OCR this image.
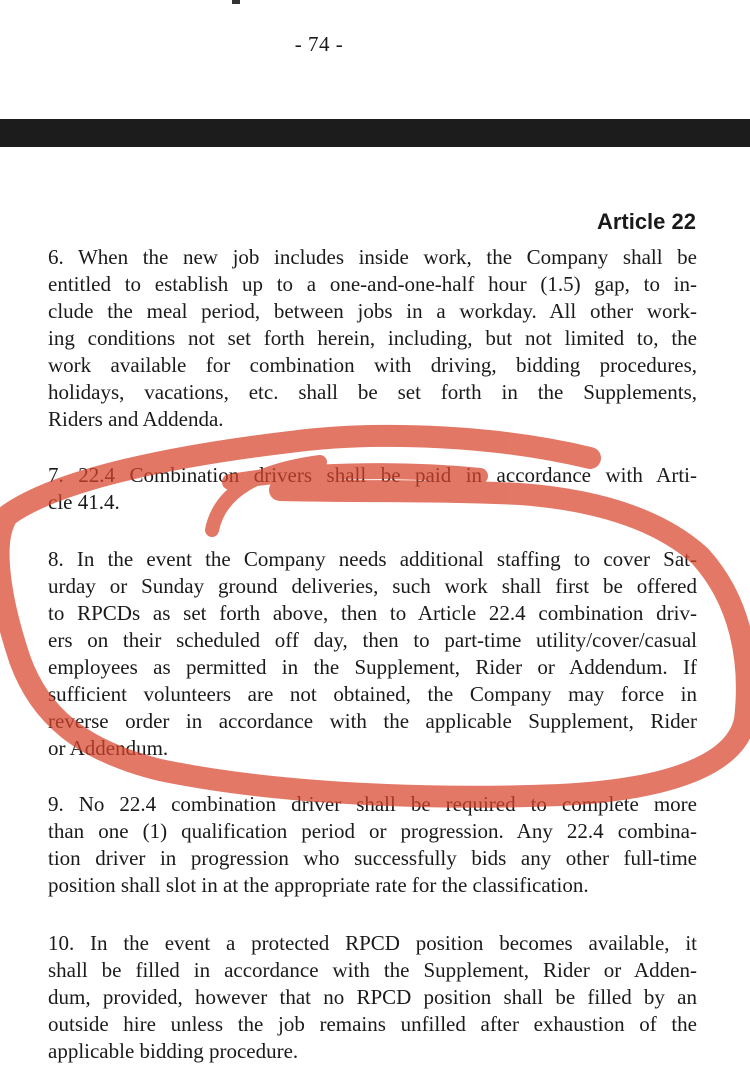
- 74 -
Article 22

6. When the new job includes inside work, the Company shall be
entitled to establish up to a one-and-one-half hour (1.5) gap, to in-
clude the meal period, between jobs in a workday. All other work-
ing conditions not set forth herein, including, but not limited to, the
work available for combination with driving, bidding procedures,
holidays, vacations, etc. shall be set forth in the Supplements,
Riders and Addenda.

7. 22.4 Combination drivers shall be paid in accordance with Arti-
cle 41.4.

8. In the event the Company needs additional staffing to cover Sat-
urday or Sunday ground deliveries, such work shall first be offered
to RPCDs as set forth above, then to Article 22.4 combination driv-
ers on their scheduled off day, then to part-time utility/cover/casual
employees as permitted in the Supplement, Rider or Addendum. If
sufficient volunteers are not obtained, the Company may force in
reverse order in accordance with the applicable Supplement, Rider
or Addendum.

9. No 22.4 combination driver shall be required to complete more
than one (1) qualification period or progression. Any 22.4 combina-
tion driver in progression who successfully bids any other full-time
position shall slot in at the appropriate rate for the classification.

10. In the event a protected RPCD position becomes available, it
shall be filled in accordance with the Supplement, Rider or Adden-
dum, provided, however that no RPCD position shall be filled by an
outside hire unless the job remains unfilled after exhaustion of the
applicable bidding procedure.
